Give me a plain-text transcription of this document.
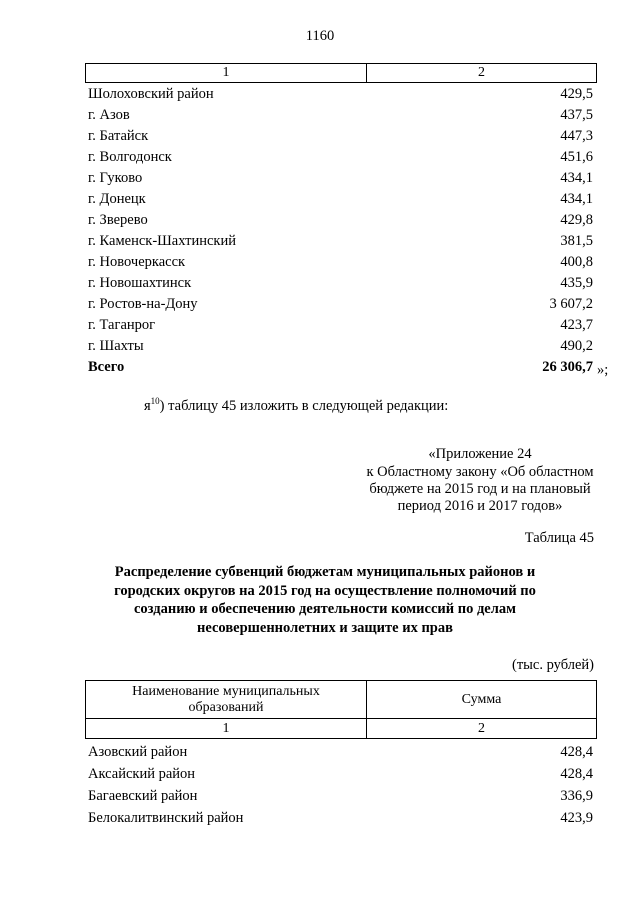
1160
1	2
Шолоховский район	429,5
г. Азов	437,5
г. Батайск	447,3
г. Волгодонск	451,6
г. Гуково	434,1
г. Донецк	434,1
г. Зверево	429,8
г. Каменск-Шахтинский	381,5
г. Новочеркасск	400,8
г. Новошахтинск	435,9
г. Ростов-на-Дону	3 607,2
г. Таганрог	423,7
г. Шахты	490,2
Всего	26 306,7 »;
$я^{10}$) таблицу 45 изложить в следующей редакции:
«Приложение 24
к Областному закону «Об областном
бюджете на 2015 год и на плановый
период 2016 и 2017 годов»
Таблица 45
Распределение субвенций бюджетам муниципальных районов и
городских округов на 2015 год на осуществление полномочий по
созданию и обеспечению деятельности комиссий по делам
несовершеннолетних и защите их прав
(тыс. рублей)
Наименование муниципальных
образований	Сумма
1	2
Азовский район	428,4
Аксайский район	428,4
Багаевский район	336,9
Белокалитвинский район	423,9
